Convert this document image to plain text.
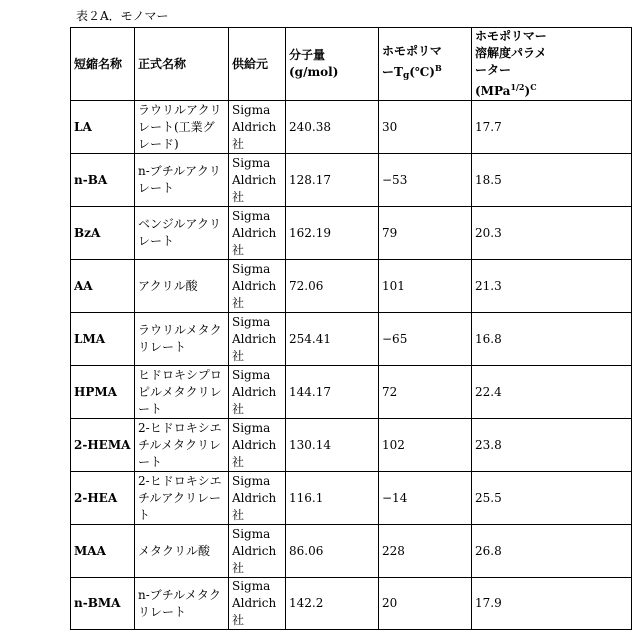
表２A．モノマー
短縮名称	正式名称	供給元	分子量
(g/mol)	ホモポリマ
ーTg(℃)B	ホモポリマー
溶解度パラメ
ーター
(MPa1/2)C
LA	ラウリルアクリレート(工業グレード)	Sigma Aldrich社	240.38	30	17.7
n-BA	n-ブチルアクリレート	Sigma Aldrich社	128.17	−53	18.5
BzA	ベンジルアクリレート	Sigma Aldrich社	162.19	79	20.3
AA	アクリル酸	Sigma Aldrich社	72.06	101	21.3
LMA	ラウリルメタクリレート	Sigma Aldrich社	254.41	−65	16.8
HPMA	ヒドロキシプロピルメタクリレート	Sigma Aldrich社	144.17	72	22.4
2-HEMA	2-ヒドロキシエチルメタクリレート	Sigma Aldrich社	130.14	102	23.8
2-HEA	2-ヒドロキシエチルアクリレート	Sigma Aldrich社	116.1	−14	25.5
MAA	メタクリル酸	Sigma Aldrich社	86.06	228	26.8
n-BMA	n-ブチルメタクリレート	Sigma Aldrich社	142.2	20	17.9
